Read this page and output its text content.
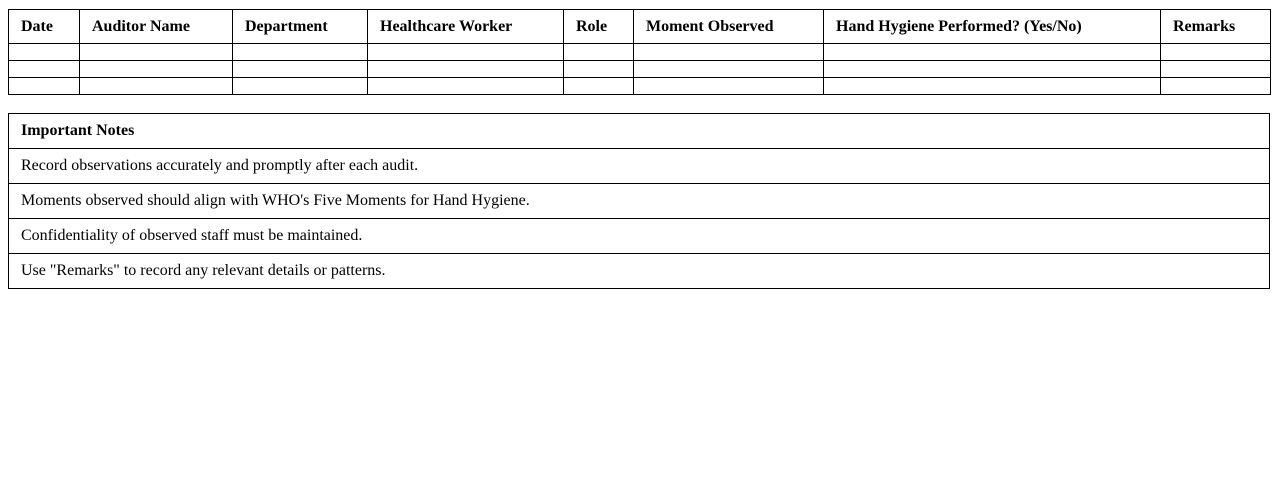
Date	Auditor Name	Department	Healthcare Worker	Role	Moment Observed	Hand Hygiene Performed? (Yes/No)	Remarks

Important Notes
Record observations accurately and promptly after each audit.
Moments observed should align with WHO's Five Moments for Hand Hygiene.
Confidentiality of observed staff must be maintained.
Use "Remarks" to record any relevant details or patterns.
